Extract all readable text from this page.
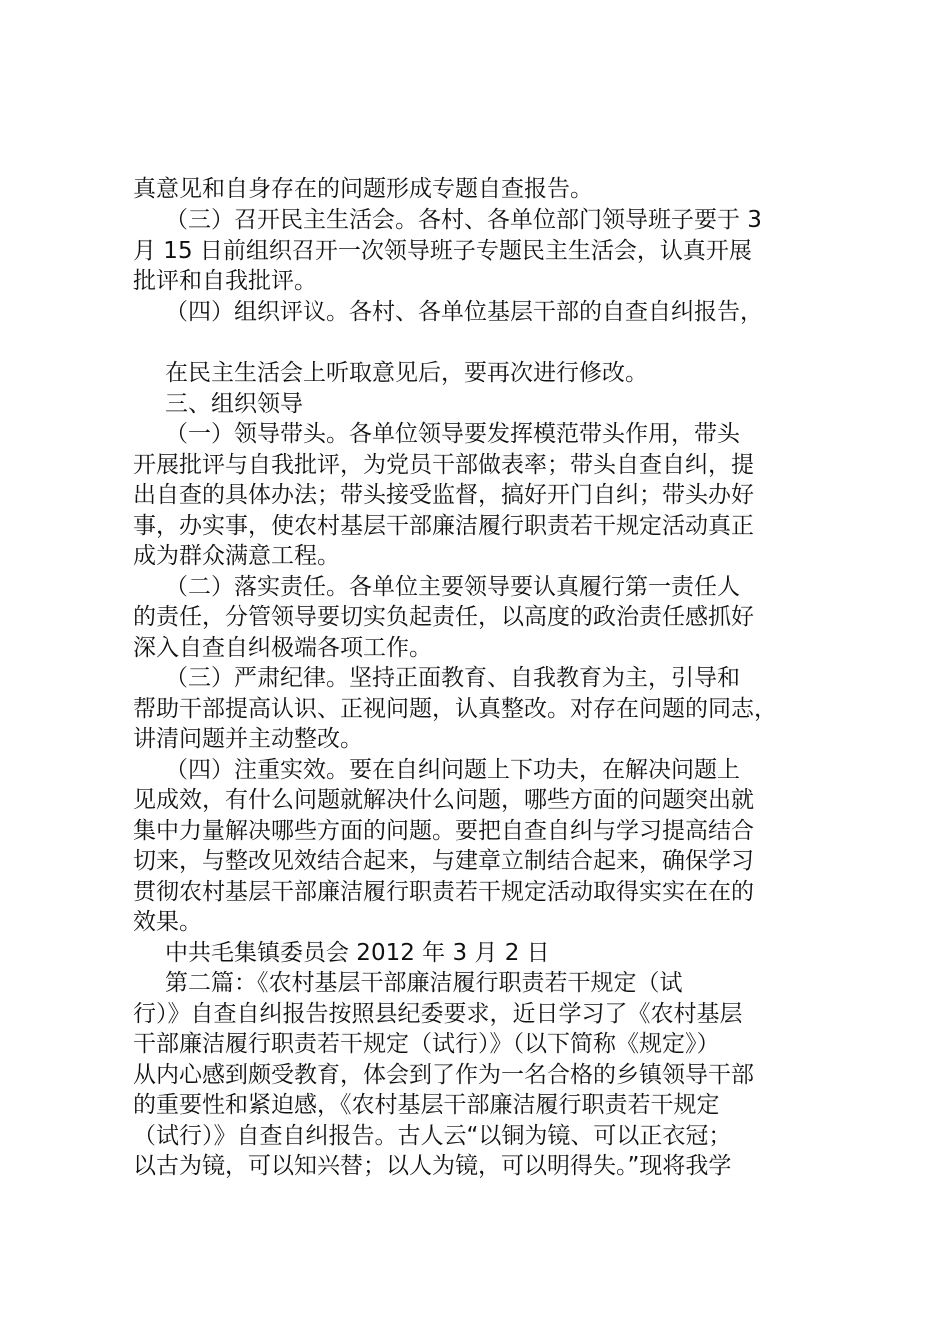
真意见和自身存在的问题形成专题自查报告。
（三）召开民主生活会。各村、各单位部门领导班子要于 3
月 15 日前组织召开一次领导班子专题民主生活会，认真开展
批评和自我批评。
（四）组织评议。各村、各单位基层干部的自查自纠报告，
在民主生活会上听取意见后，要再次进行修改。
三、组织领导
（一）领导带头。各单位领导要发挥模范带头作用，带头
开展批评与自我批评，为党员干部做表率；带头自查自纠，提
出自查的具体办法；带头接受监督，搞好开门自纠；带头办好
事，办实事，使农村基层干部廉洁履行职责若干规定活动真正
成为群众满意工程。
（二）落实责任。各单位主要领导要认真履行第一责任人
的责任，分管领导要切实负起责任，以高度的政治责任感抓好
深入自查自纠极端各项工作。
（三）严肃纪律。坚持正面教育、自我教育为主，引导和
帮助干部提高认识、正视问题，认真整改。对存在问题的同志，
讲清问题并主动整改。
（四）注重实效。要在自纠问题上下功夫，在解决问题上
见成效，有什么问题就解决什么问题，哪些方面的问题突出就
集中力量解决哪些方面的问题。要把自查自纠与学习提高结合
切来，与整改见效结合起来，与建章立制结合起来，确保学习
贯彻农村基层干部廉洁履行职责若干规定活动取得实实在在的
效果。
中共毛集镇委员会 2012 年 3 月 2 日
第二篇：《农村基层干部廉洁履行职责若干规定（试
行）》自查自纠报告按照县纪委要求，近日学习了《农村基层
干部廉洁履行职责若干规定（试行）》（以下简称《规定》）
从内心感到颇受教育，体会到了作为一名合格的乡镇领导干部
的重要性和紧迫感，《农村基层干部廉洁履行职责若干规定
（试行）》自查自纠报告。古人云“以铜为镜、可以正衣冠；
以古为镜，可以知兴替；以人为镜，可以明得失。”现将我学
